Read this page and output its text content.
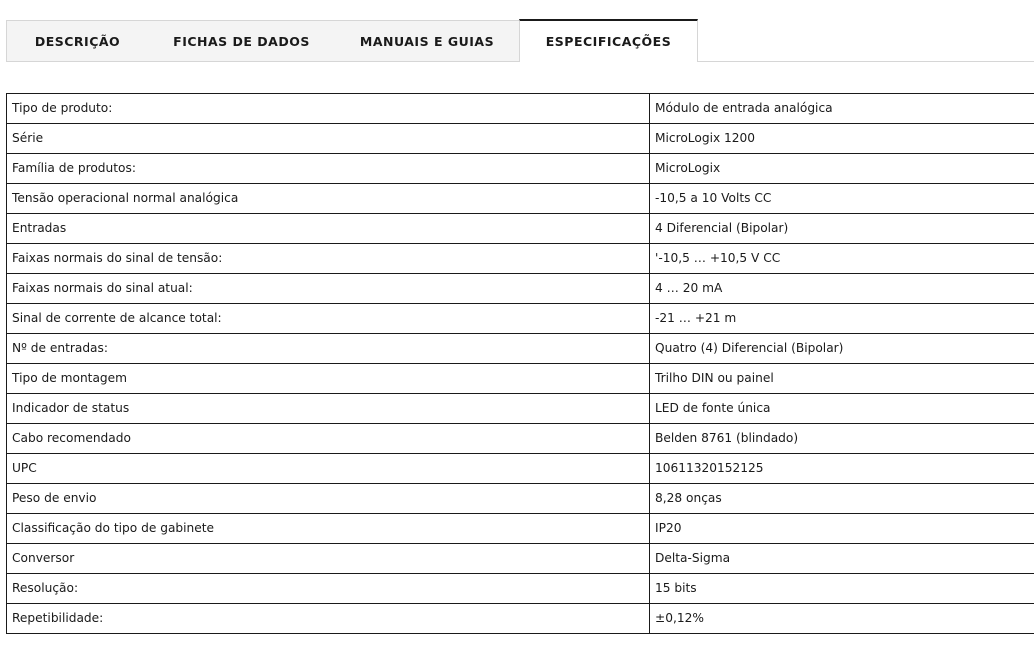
DESCRIÇÃO	FICHAS DE DADOS	MANUAIS E GUIAS	ESPECIFICAÇÕES
Tipo de produto:	Módulo de entrada analógica
Série	MicroLogix 1200
Família de produtos:	MicroLogix
Tensão operacional normal analógica	-10,5 a 10 Volts CC
Entradas	4 Diferencial (Bipolar)
Faixas normais do sinal de tensão:	'-10,5 … +10,5 V CC
Faixas normais do sinal atual:	4 … 20 mA
Sinal de corrente de alcance total:	-21 … +21 m
Nº de entradas:	Quatro (4) Diferencial (Bipolar)
Tipo de montagem	Trilho DIN ou painel
Indicador de status	LED de fonte única
Cabo recomendado	Belden 8761 (blindado)
UPC	10611320152125
Peso de envio	8,28 onças
Classificação do tipo de gabinete	IP20
Conversor	Delta-Sigma
Resolução:	15 bits
Repetibilidade:	±0,12%
